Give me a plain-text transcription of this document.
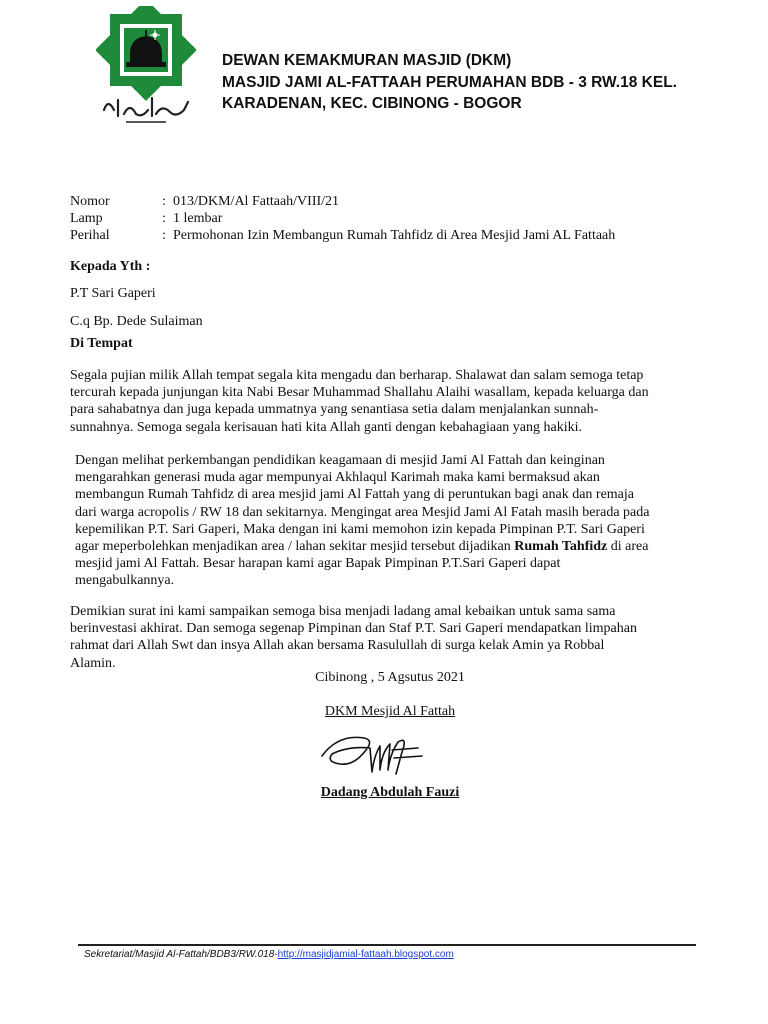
DEWAN KEMAKMURAN MASJID (DKM)
MASJID JAMI AL-FATTAAH PERUMAHAN BDB - 3 RW.18 KEL.
KARADENAN, KEC. CIBINONG - BOGOR
Nomor	: 013/DKM/Al Fattaah/VIII/21
Lamp	: 1 lembar
Perihal	: Permohonan Izin Membangun Rumah Tahfidz di Area Mesjid Jami AL Fattaah
Kepada Yth :
P.T Sari Gaperi
C.q Bp. Dede Sulaiman
Di Tempat
Segala pujian milik Allah tempat segala kita mengadu dan berharap. Shalawat dan salam semoga tetap
tercurah kepada junjungan kita Nabi Besar Muhammad Shallahu Alaihi wasallam, kepada keluarga dan
para sahabatnya dan juga kepada ummatnya yang senantiasa setia dalam menjalankan sunnah-
sunnahnya. Semoga segala kerisauan hati kita Allah ganti dengan kebahagiaan yang hakiki.
Dengan melihat perkembangan pendidikan keagamaan di mesjid Jami Al Fattah dan keinginan
mengarahkan generasi muda agar mempunyai Akhlaqul Karimah maka kami bermaksud akan
membangun Rumah Tahfidz di area mesjid jami Al Fattah yang di peruntukan bagi anak dan remaja
dari warga acropolis / RW 18 dan sekitarnya. Mengingat area Mesjid Jami Al Fatah masih berada pada
kepemilikan P.T. Sari Gaperi, Maka dengan ini kami memohon izin kepada Pimpinan P.T. Sari Gaperi
agar meperbolehkan menjadikan area / lahan sekitar mesjid tersebut dijadikan Rumah Tahfidz di area
mesjid jami Al Fattah. Besar harapan kami agar Bapak Pimpinan P.T.Sari Gaperi dapat
mengabulkannya.
Demikian surat ini kami sampaikan semoga bisa menjadi ladang amal kebaikan untuk sama sama
berinvestasi akhirat. Dan semoga segenap Pimpinan dan Staf P.T. Sari Gaperi mendapatkan limpahan
rahmat dari Allah Swt dan insya Allah akan bersama Rasulullah di surga kelak Amin ya Robbal
Alamin.
Cibinong , 5 Agsutus 2021
DKM Mesjid Al Fattah
Dadang Abdulah Fauzi
Sekretariat/Masjid Al-Fattah/BDB3/RW.018-http://masjidjamial-fattaah.blogspot.com
